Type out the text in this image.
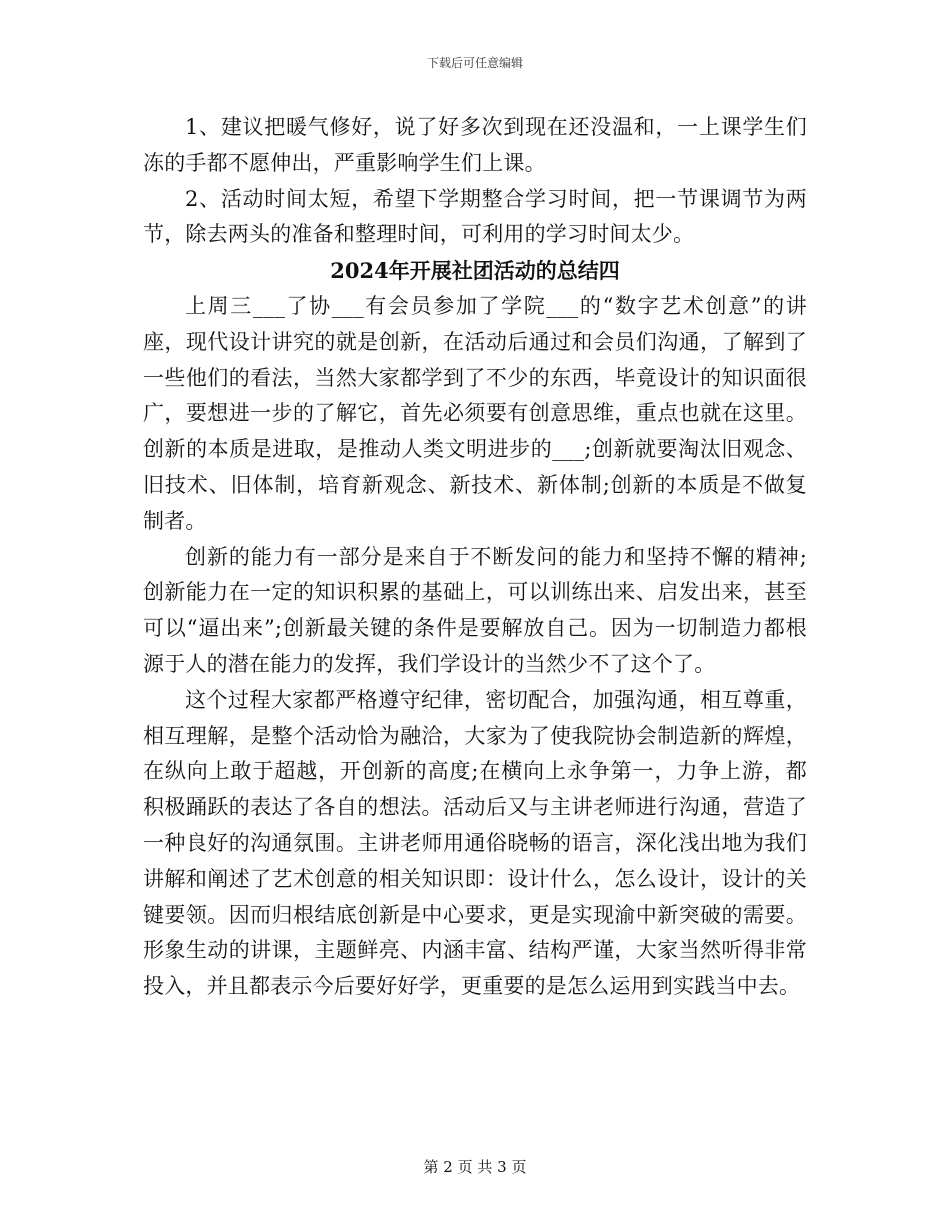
下载后可任意编辑

1、建议把暖气修好，说了好多次到现在还没温和，一上课学生们冻的手都不愿伸出，严重影响学生们上课。

2、活动时间太短，希望下学期整合学习时间，把一节课调节为两节，除去两头的准备和整理时间，可利用的学习时间太少。

2024年开展社团活动的总结四

上周三___了协___有会员参加了学院___的“数字艺术创意”的讲座，现代设计讲究的就是创新，在活动后通过和会员们沟通，了解到了一些他们的看法，当然大家都学到了不少的东西，毕竟设计的知识面很广，要想进一步的了解它，首先必须要有创意思维，重点也就在这里。创新的本质是进取，是推动人类文明进步的___;创新就要淘汰旧观念、旧技术、旧体制，培育新观念、新技术、新体制;创新的本质是不做复制者。

创新的能力有一部分是来自于不断发问的能力和坚持不懈的精神;创新能力在一定的知识积累的基础上，可以训练出来、启发出来，甚至可以“逼出来”;创新最关键的条件是要解放自己。因为一切制造力都根源于人的潜在能力的发挥，我们学设计的当然少不了这个了。

这个过程大家都严格遵守纪律，密切配合，加强沟通，相互尊重，相互理解，是整个活动恰为融洽，大家为了使我院协会制造新的辉煌，在纵向上敢于超越，开创新的高度;在横向上永争第一，力争上游，都积极踊跃的表达了各自的想法。活动后又与主讲老师进行沟通，营造了一种良好的沟通氛围。主讲老师用通俗晓畅的语言，深化浅出地为我们讲解和阐述了艺术创意的相关知识即：设计什么，怎么设计，设计的关键要领。因而归根结底创新是中心要求，更是实现渝中新突破的需要。形象生动的讲课，主题鲜亮、内涵丰富、结构严谨，大家当然听得非常投入，并且都表示今后要好好学，更重要的是怎么运用到实践当中去。

第 2 页 共 3 页
